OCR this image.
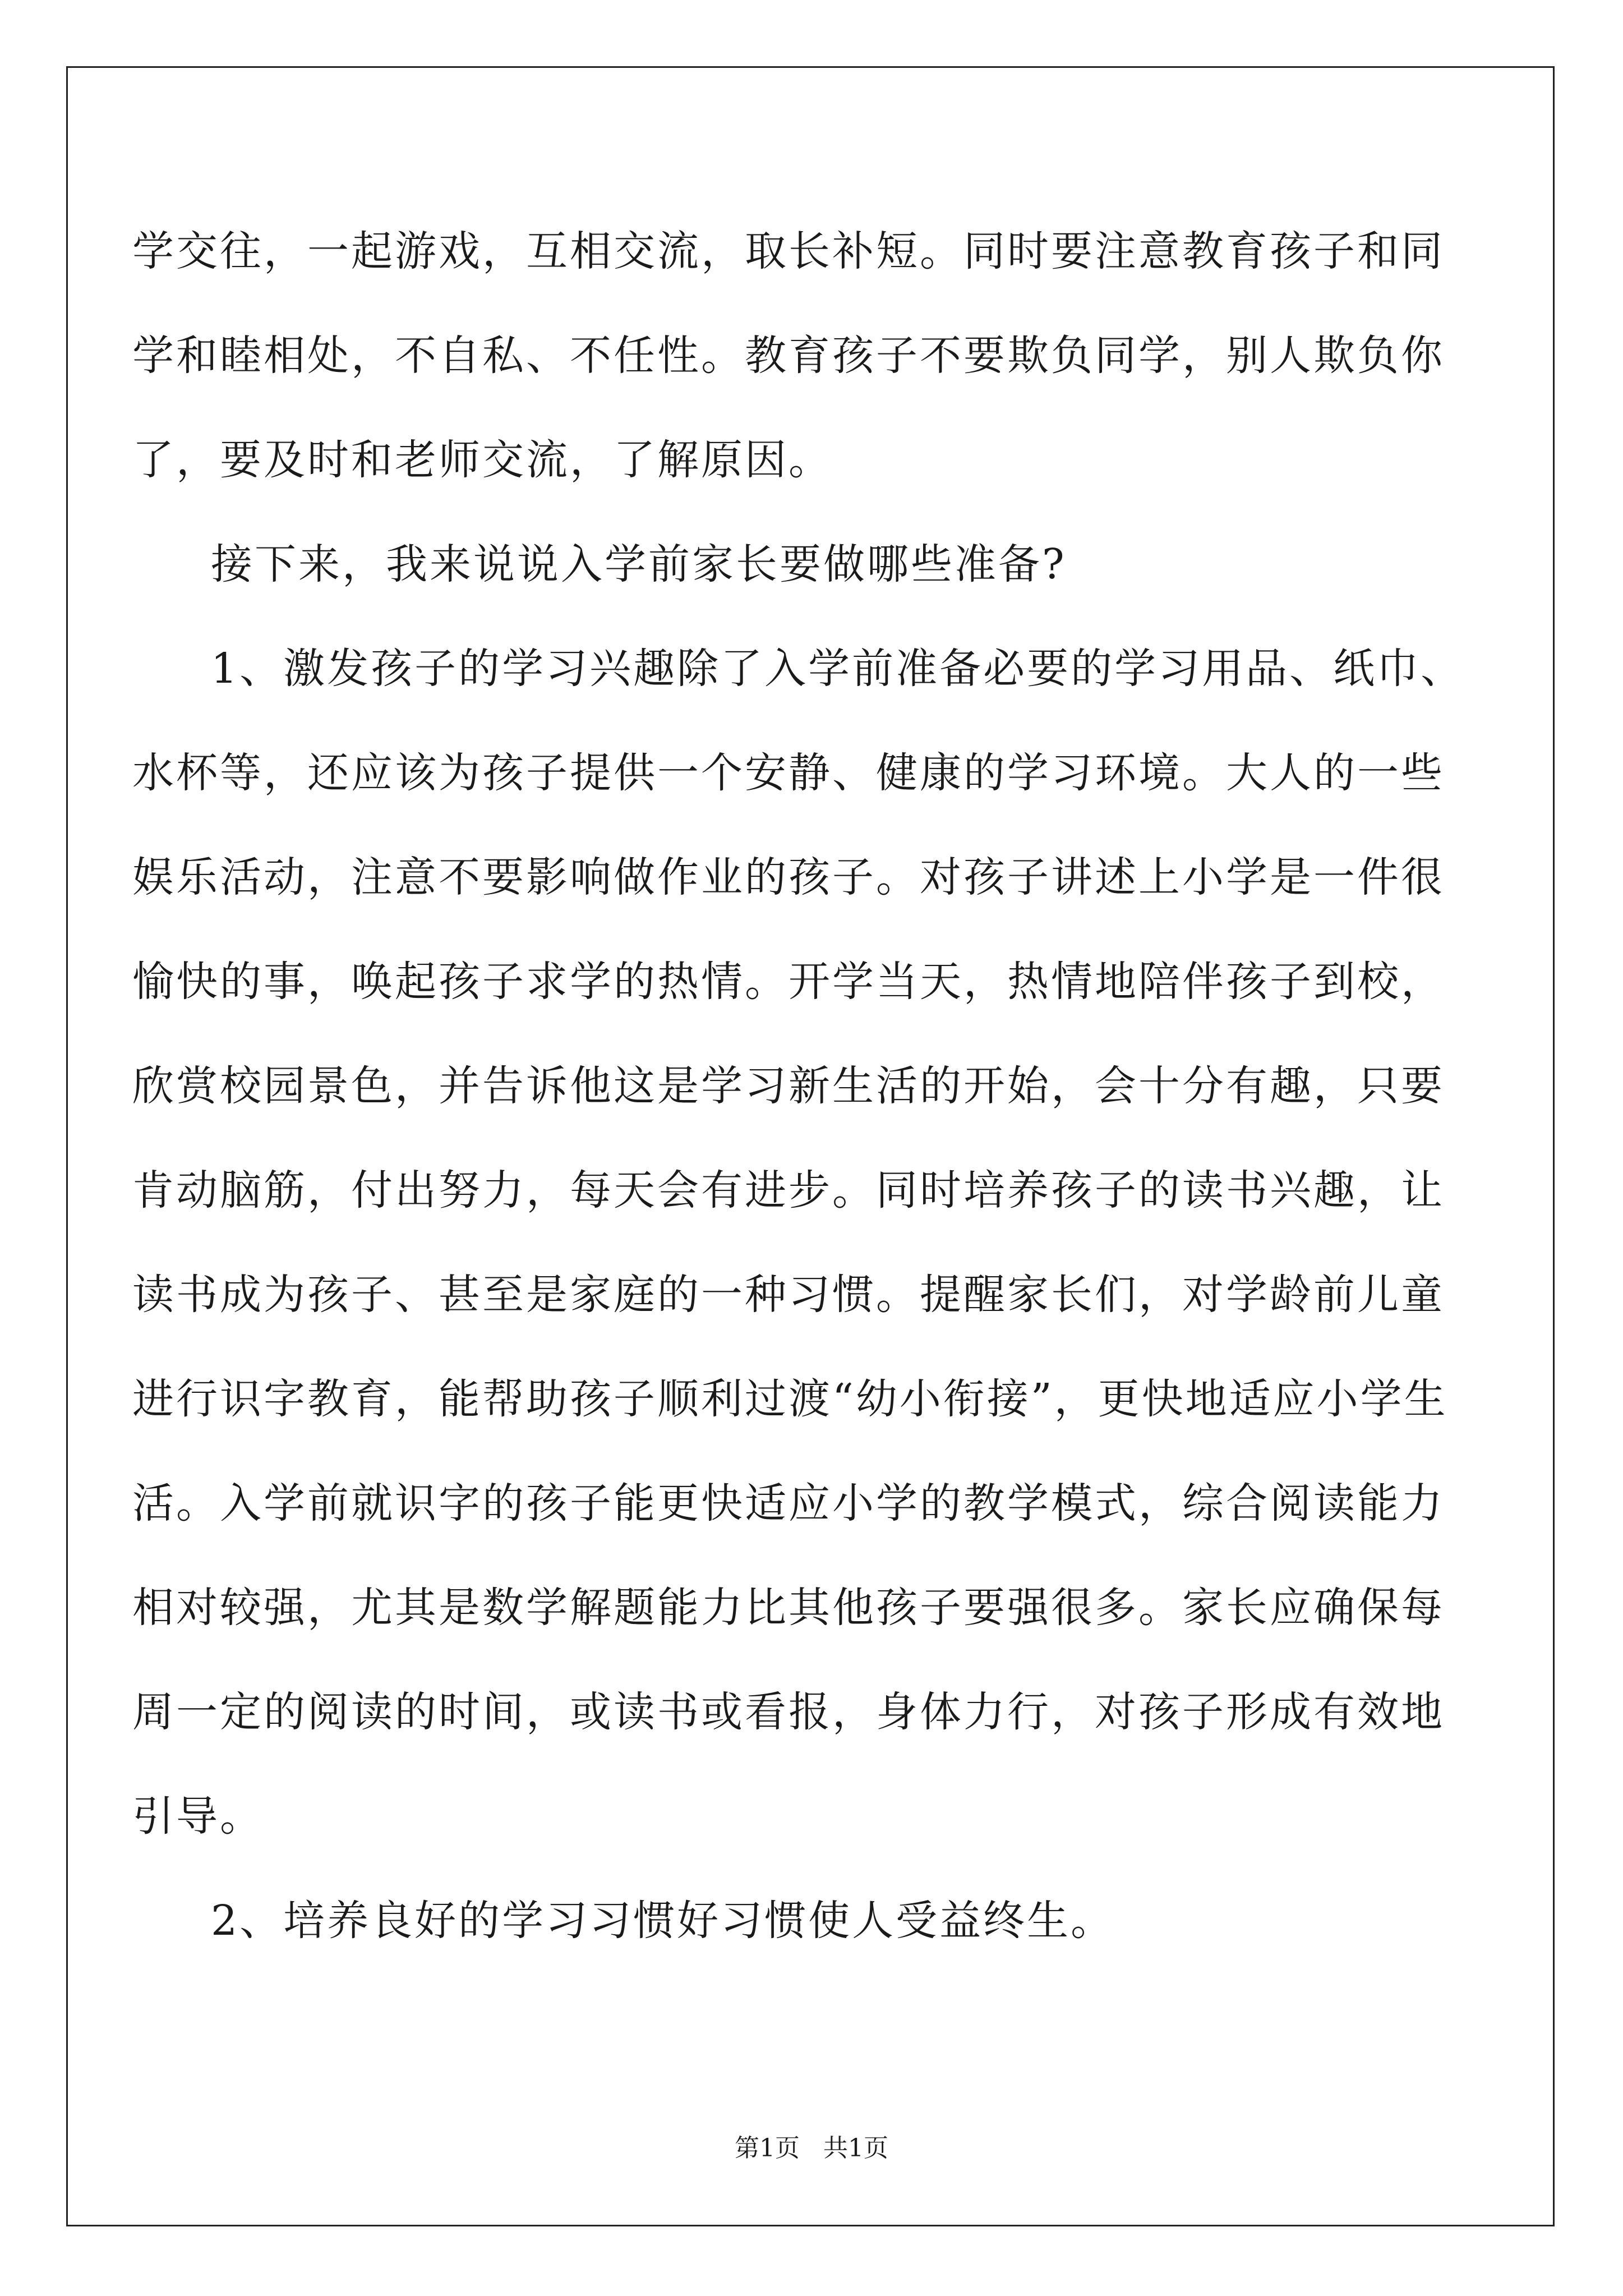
学交往，一起游戏，互相交流，取长补短。同时要注意教育孩子和同
学和睦相处，不自私、不任性。教育孩子不要欺负同学，别人欺负你
了，要及时和老师交流，了解原因。
接下来，我来说说入学前家长要做哪些准备?
1、激发孩子的学习兴趣除了入学前准备必要的学习用品、纸巾、
水杯等，还应该为孩子提供一个安静、健康的学习环境。大人的一些
娱乐活动，注意不要影响做作业的孩子。对孩子讲述上小学是一件很
愉快的事，唤起孩子求学的热情。开学当天，热情地陪伴孩子到校，
欣赏校园景色，并告诉他这是学习新生活的开始，会十分有趣，只要
肯动脑筋，付出努力，每天会有进步。同时培养孩子的读书兴趣，让
读书成为孩子、甚至是家庭的一种习惯。提醒家长们，对学龄前儿童
进行识字教育，能帮助孩子顺利过渡“幼小衔接”，更快地适应小学生
活。入学前就识字的孩子能更快适应小学的教学模式，综合阅读能力
相对较强，尤其是数学解题能力比其他孩子要强很多。家长应确保每
周一定的阅读的时间，或读书或看报，身体力行，对孩子形成有效地
引导。
2、培养良好的学习习惯好习惯使人受益终生。
第1页   共1页
